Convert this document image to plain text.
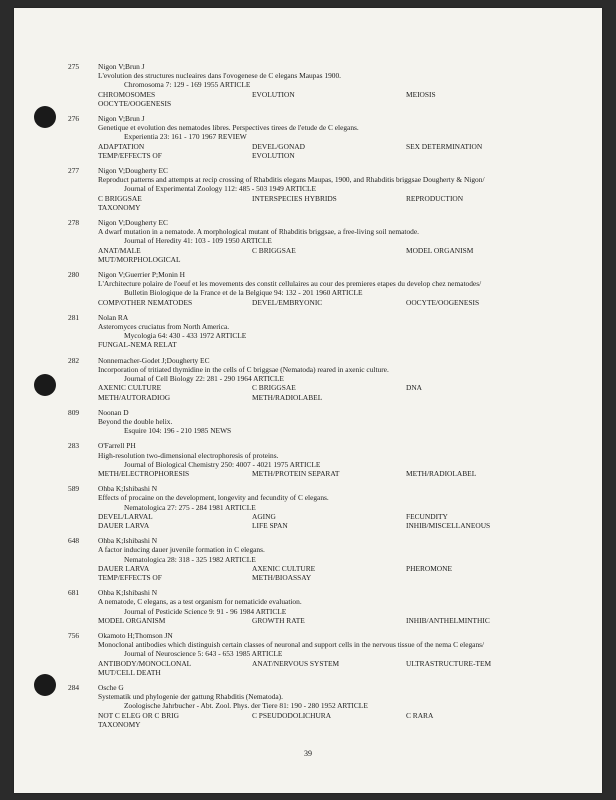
275	Nigon V;Brun J
L'evolution des structures nucleaires dans l'ovogenese de C elegans Maupas 1900.
Chromosoma 7: 129 - 169 1955 ARTICLE
CHROMOSOMES	EVOLUTION	MEIOSIS
OOCYTE/OOGENESIS
276	Nigon V;Brun J
Genetique et evolution des nematodes libres. Perspectives tirees de l'etude de C elegans.
Experientia 23: 161 - 170 1967 REVIEW
ADAPTATION	DEVEL/GONAD	SEX DETERMINATION
TEMP/EFFECTS OF	EVOLUTION
277	Nigon V;Dougherty EC
Reproduct patterns and attempts at recip crossing of Rhabditis elegans Maupas, 1900, and Rhabditis briggsae Dougherty & Nigon/
Journal of Experimental Zoology 112: 485 - 503 1949 ARTICLE
C BRIGGSAE	INTERSPECIES HYBRIDS	REPRODUCTION
TAXONOMY
278	Nigon V;Dougherty EC
A dwarf mutation in a nematode. A morphological mutant of Rhabditis briggsae, a free-living soil nematode.
Journal of Heredity 41: 103 - 109 1950 ARTICLE
ANAT/MALE	C BRIGGSAE	MODEL ORGANISM
MUT/MORPHOLOGICAL
280	Nigon V;Guerrier P;Monin H
L'Architecture polaire de l'oeuf et les movements des constit cellulaires au cour des premieres etapes du develop chez nematodes/
Bulletin Biologique de la France et de la Belgique 94: 132 - 201 1960 ARTICLE
COMP/OTHER NEMATODES	DEVEL/EMBRYONIC	OOCYTE/OOGENESIS
281	Nolan RA
Asteromyces cruciatus from North America.
Mycologia 64: 430 - 433 1972 ARTICLE
FUNGAL-NEMA RELAT
282	Nonnemacher-Godet J;Dougherty EC
Incorporation of tritiated thymidine in the cells of C briggsae (Nematoda) reared in axenic culture.
Journal of Cell Biology 22: 281 - 290 1964 ARTICLE
AXENIC CULTURE	C BRIGGSAE	DNA
METH/AUTORADIOG	METH/RADIOLABEL
809	Noonan D
Beyond the double helix.
Esquire 104: 196 - 210 1985 NEWS
283	O'Farrell PH
High-resolution two-dimensional electrophoresis of proteins.
Journal of Biological Chemistry 250: 4007 - 4021 1975 ARTICLE
METH/ELECTROPHORESIS	METH/PROTEIN SEPARAT	METH/RADIOLABEL
589	Ohba K;Ishibashi N
Effects of procaine on the development, longevity and fecundity of C elegans.
Nematologica 27: 275 - 284 1981 ARTICLE
DEVEL/LARVAL	AGING	FECUNDITY
DAUER LARVA	LIFE SPAN	INHIB/MISCELLANEOUS
648	Ohba K;Ishibashi N
A factor inducing dauer juvenile formation in C elegans.
Nematologica 28: 318 - 325 1982 ARTICLE
DAUER LARVA	AXENIC CULTURE	PHEROMONE
TEMP/EFFECTS OF	METH/BIOASSAY
681	Ohba K;Ishibashi N
A nematode, C elegans, as a test organism for nematicide evaluation.
Journal of Pesticide Science 9: 91 - 96 1984 ARTICLE
MODEL ORGANISM	GROWTH RATE	INHIB/ANTHELMINTHIC
756	Okamoto H;Thomson JN
Monoclonal antibodies which distinguish certain classes of neuronal and support cells in the nervous tissue of the nema C elegans/
Journal of Neuroscience 5: 643 - 653 1985 ARTICLE
ANTIBODY/MONOCLONAL	ANAT/NERVOUS SYSTEM	ULTRASTRUCTURE-TEM
MUT/CELL DEATH
284	Osche G
Systematik und phylogenie der gattung Rhabditis (Nematoda).
Zoologische Jahrbucher - Abt. Zool. Phys. der Tiere 81: 190 - 280 1952 ARTICLE
NOT C ELEG OR C BRIG	C PSEUDODOLICHURA	C RARA
TAXONOMY
39
